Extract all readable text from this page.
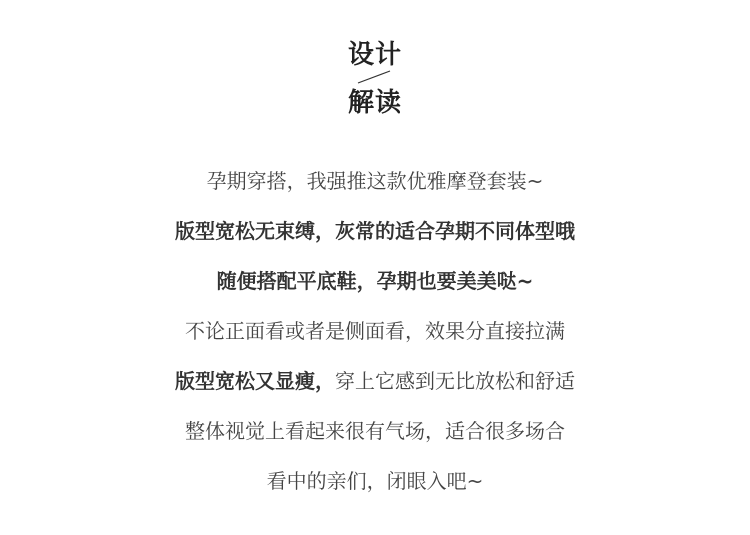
设计
解读
孕期穿搭，我强推这款优雅摩登套装~
版型宽松无束缚，灰常的适合孕期不同体型哦
随便搭配平底鞋，孕期也要美美哒~
不论正面看或者是侧面看，效果分直接拉满
版型宽松又显瘦，穿上它感到无比放松和舒适
整体视觉上看起来很有气场，适合很多场合
看中的亲们，闭眼入吧~
